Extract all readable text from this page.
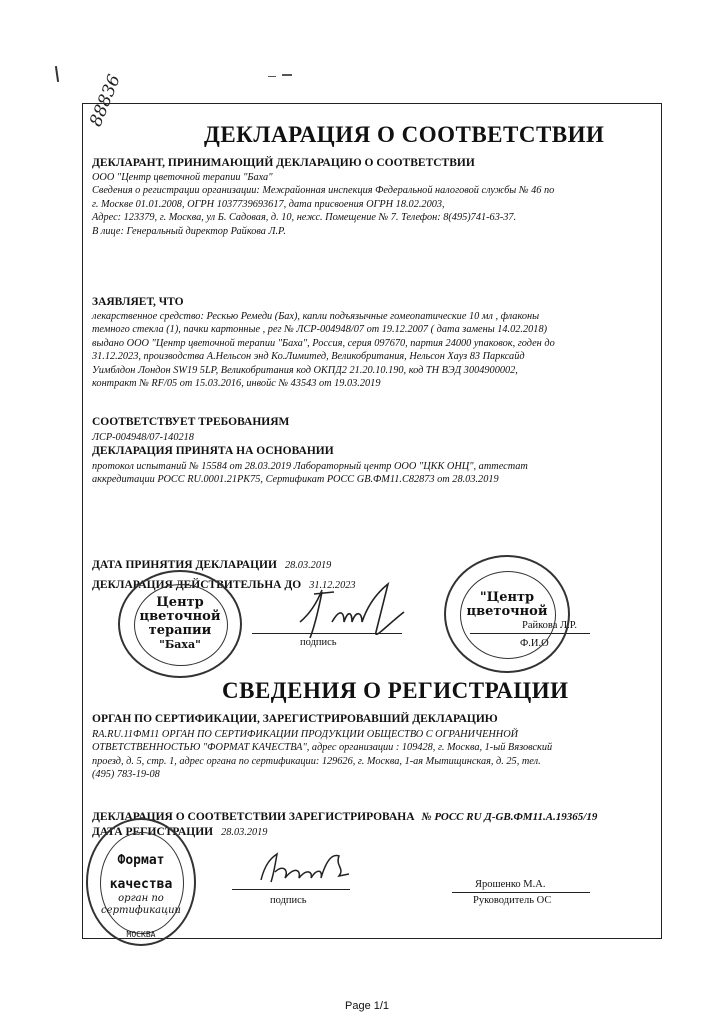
88836
ДЕКЛАРАЦИЯ О СООТВЕТСТВИИ
ДЕКЛАРАНТ, ПРИНИМАЮЩИЙ ДЕКЛАРАЦИЮ О СООТВЕТСТВИИ
ООО "Центр цветочной терапии "Баха"
Сведения о регистрации организации: Межрайонная инспекция Федеральной налоговой службы № 46 по
г. Москве 01.01.2008, ОГРН 1037739693617, дата присвоения ОГРН 18.02.2003,
Адрес: 123379, г. Москва, ул Б. Садовая, д. 10, нежс. Помещение № 7. Телефон: 8(495)741-63-37.
В лице: Генеральный директор Райкова Л.Р.
ЗАЯВЛЯЕТ, ЧТО
лекарственное средство: Рескью Ремеди (Бах), капли подъязычные гомеопатические 10 мл , флаконы
темного стекла (1), пачки картонные , рег № ЛСР-004948/07 от 19.12.2007 ( дата замены 14.02.2018)
выдано ООО "Центр цветочной терапии "Баха", Россия, серия 097670, партия 24000 упаковок, годен до
31.12.2023, производства А.Нельсон энд Ко.Лимитед, Великобритания, Нельсон Хауз 83 Парксайд
Уимблдон Лондон SW19 5LP, Великобритания код ОКПД2 21.20.10.190, код ТН ВЭД 3004900002,
контракт № RF/05 от 15.03.2016, инвойс № 43543 от 19.03.2019
СООТВЕТСТВУЕТ ТРЕБОВАНИЯМ
ЛСР-004948/07-140218
ДЕКЛАРАЦИЯ ПРИНЯТА НА ОСНОВАНИИ
протокол испытаний № 15584 от 28.03.2019 Лабораторный центр ООО "ЦКК ОНЦ", аттестат
аккредитации РОСС RU.0001.21РК75, Сертификат РОСС GB.ФМ11.С82873 от 28.03.2019
ДАТА ПРИНЯТИЯ ДЕКЛАРАЦИИ 28.03.2019
ДЕКЛАРАЦИЯ ДЕЙСТВИТЕЛЬНА ДО 31.12.2023
Центр
цветочной
терапии
"Баха"	подпись
Райкова Л.Р.
Ф.И.О
"Центр
цветочной
СВЕДЕНИЯ О РЕГИСТРАЦИИ
ОРГАН ПО СЕРТИФИКАЦИИ, ЗАРЕГИСТРИРОВАВШИЙ ДЕКЛАРАЦИЮ
RA.RU.11ФМ11 ОРГАН ПО СЕРТИФИКАЦИИ ПРОДУКЦИИ ОБЩЕСТВО С ОГРАНИЧЕННОЙ
ОТВЕТСТВЕННОСТЬЮ "ФОРМАТ КАЧЕСТВА", адрес организации : 109428, г. Москва, 1-ый Вязовский
проезд, д. 5, стр. 1, адрес органа по сертификации: 129626, г. Москва, 1-ая Мытищинская, д. 25, тел.
(495) 783-19-08
ДЕКЛАРАЦИЯ О СООТВЕТСТВИИ ЗАРЕГИСТРИРОВАНА № РОСС RU Д-GB.ФМ11.А.19365/19
ДАТА РЕГИСТРАЦИИ 28.03.2019
Формат
качества
орган по
сертификации
МОСКВА
подпись
Ярошенко М.А.
Руководитель ОС
Page 1/1
